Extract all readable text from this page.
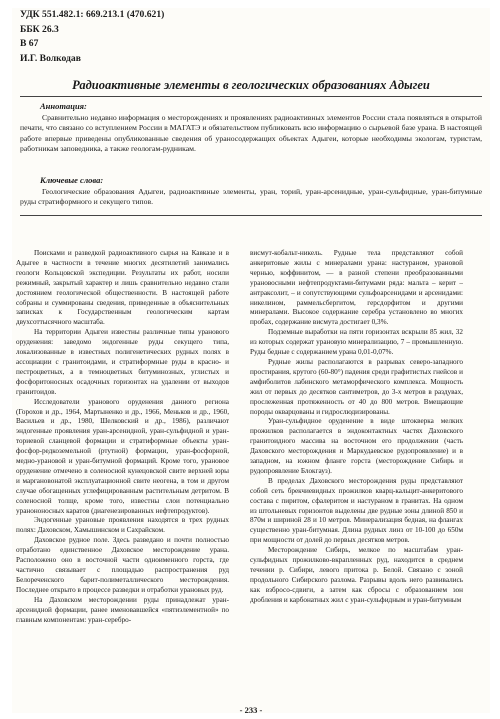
УДК 551.482.1: 669.213.1 (470.621)
ББК 26.3
В 67
И.Г. Волкодав
Радиоактивные элементы в геологических образованиях Адыгеи
Аннотация:
Сравнительно недавно информация о месторождениях и проявлениях радиоактивных элементов России стала появляться в открытой печати, что связано со вступлением России в МАГАТЭ и обязательством публиковать всю информацию о сырьевой базе урана. В настоящей работе впервые приведены опубликованные сведения об ураносодержащих объектах Адыгеи, которые необходимы экологам, туристам, работникам заповедника, а также геологам-рудникам.
Ключевые слова:
Геологические образования Адыгеи, радиоактивные элементы, уран, торий, уран-арсенидные, уран-сульфидные, уран-битумные руды стратиформного и секущего типов.

Поисками и разведкой радиоактивного сырья на Кавказе и в Адыгее в частности в течение многих десятилетий занимались геологи Кольцовской экспедиции. Результаты их работ, носили режимный, закрытый характер и лишь сравнительно недавно стали достоянием геологической общественности. В настоящей работе собраны и суммированы сведения, приведенные в объяснительных записках к Государственным геологическим картам двухсоттысячного масштаба.

На территории Адыгеи известны различные типы уранового оруденения: заведомо эндогенные руды секущего типа, локализованные в известных полигенетических рудных полях в ассоциации с гранитоидами, и стратиформные руды в красно- и пестроцветных, а в темноцветных битуминозных, углистых и фосфоритоносных осадочных горизонтах на удалении от выходов гранитоидов.

Исследователи уранового оруденения данного региона (Горохов и др., 1964, Мартыненко и др., 1966, Меньков и др., 1960, Васильев и др., 1980, Шелковский и др., 1986), различают эндогенные проявления уран-арсенидной, уран-сульфидной и уран-ториевой сланцевой формации и стратиформные объекты уран-фосфор-редкоземельной (ртутной) формации, уран-фосфорной, медно-урановой и уран-битумной формаций. Кроме того, урановое оруденение отмечено в соленосной кунецовской свите верхней юры и маргановонатой эксплуатационной свите неогена, в том и другом случае обогащенных углефицированным растительным детритом. В соленосной толще, кроме того, известны слои потенциально уранононосных каратов (диагенезированных нефтепродуктов).

Эндогенные урановые проявления находятся в трех рудных полях: Даховском, Хамышинском и Сахрайском.

Даховское рудное поле. Здесь разведано и почти полностью отработано единственное Даховское месторождение урана. Расположено оно в восточной части одноименного горста, где частично связывает с площадью распространения руд Белореченского барит-полиметаллического месторождения. Последнее открыто в процессе разведки и отработки урановых руд.

На Даховском месторождении руды принадлежат уран-арсенидной формации, ранее именовавшейся «пятиэлементной» по главным компонентам: уран-серебро-

висмут-кобальт-никель. Рудные тела представляют собой анкеритовые жилы с минералами урана: настураном, урановой чернью, коффинитом, — в разной степени преобразованными урановосными нефтепродуктами-битумами ряда: мальта – керит – антраксолит, – и сопутствующими сульфоарсенидами и арсенидами: никелином, раммельсбергитом, герсдорфитом и другими минералами. Высокое содержание серебра установлено во многих пробах, содержание висмута достигает 0,3%.

Подземные выработки на пяти горизонтах вскрыли 85 жил, 32 из которых содержат урановую минерализацию, 7 – промышленную. Руды бедные с содержанием урана 0,01-0,07%.

Рудные жилы располагаются в разрывах северо-западного простирания, крутого (60-80°) падения среди графитистых гнейсов и амфиболитов лабинского метаморфического комплекса. Мощность жил от первых до десятков сантиметров, до 3-х метров в раздувах, прослеженная протяженность от 40 до 800 метров. Вмещающие породы окварцованы и гидрослюдизированы.

Уран-сульфидное оруденение в виде штокверка мелких прожилков располагается в эндоконтактных частях Даховского гранитоидного массива на восточном его продолжении (часть Даховского месторождения и Маркудаевское рудопроявление) и в западном, на южном фланге горста (месторождение Сибирь и рудопроявление Блокгауз).

В пределах Даховского месторождения руды представляют собой сеть брекчиевидных прожилков кварц-кальцит-анкеритового состава с пиритом, сфалеритом и настураном в гранитах. На одном из штольневых горизонтов выделены две рудные зоны длиной 850 и 870м и шириной 28 и 10 метров. Минерализация бедная, на флангах существенно уран-битумная. Длина рудных линз от 10-100 до 650м при мощности от долей до первых десятков метров.

Месторождение Сибирь, мелкое по масштабам уран-сульфидных прожилково-вкрапленных руд, находится в среднем течении р. Сибири, левого притока р. Белой. Связано с зоной продольного Сибирского разлома. Разрывы вдоль него развивались как взбросо-сдвиги, а затем как сбросы с образованием зон дробления и карбонатных жил с уран-сульфидным и уран-битумным

- 233 -
